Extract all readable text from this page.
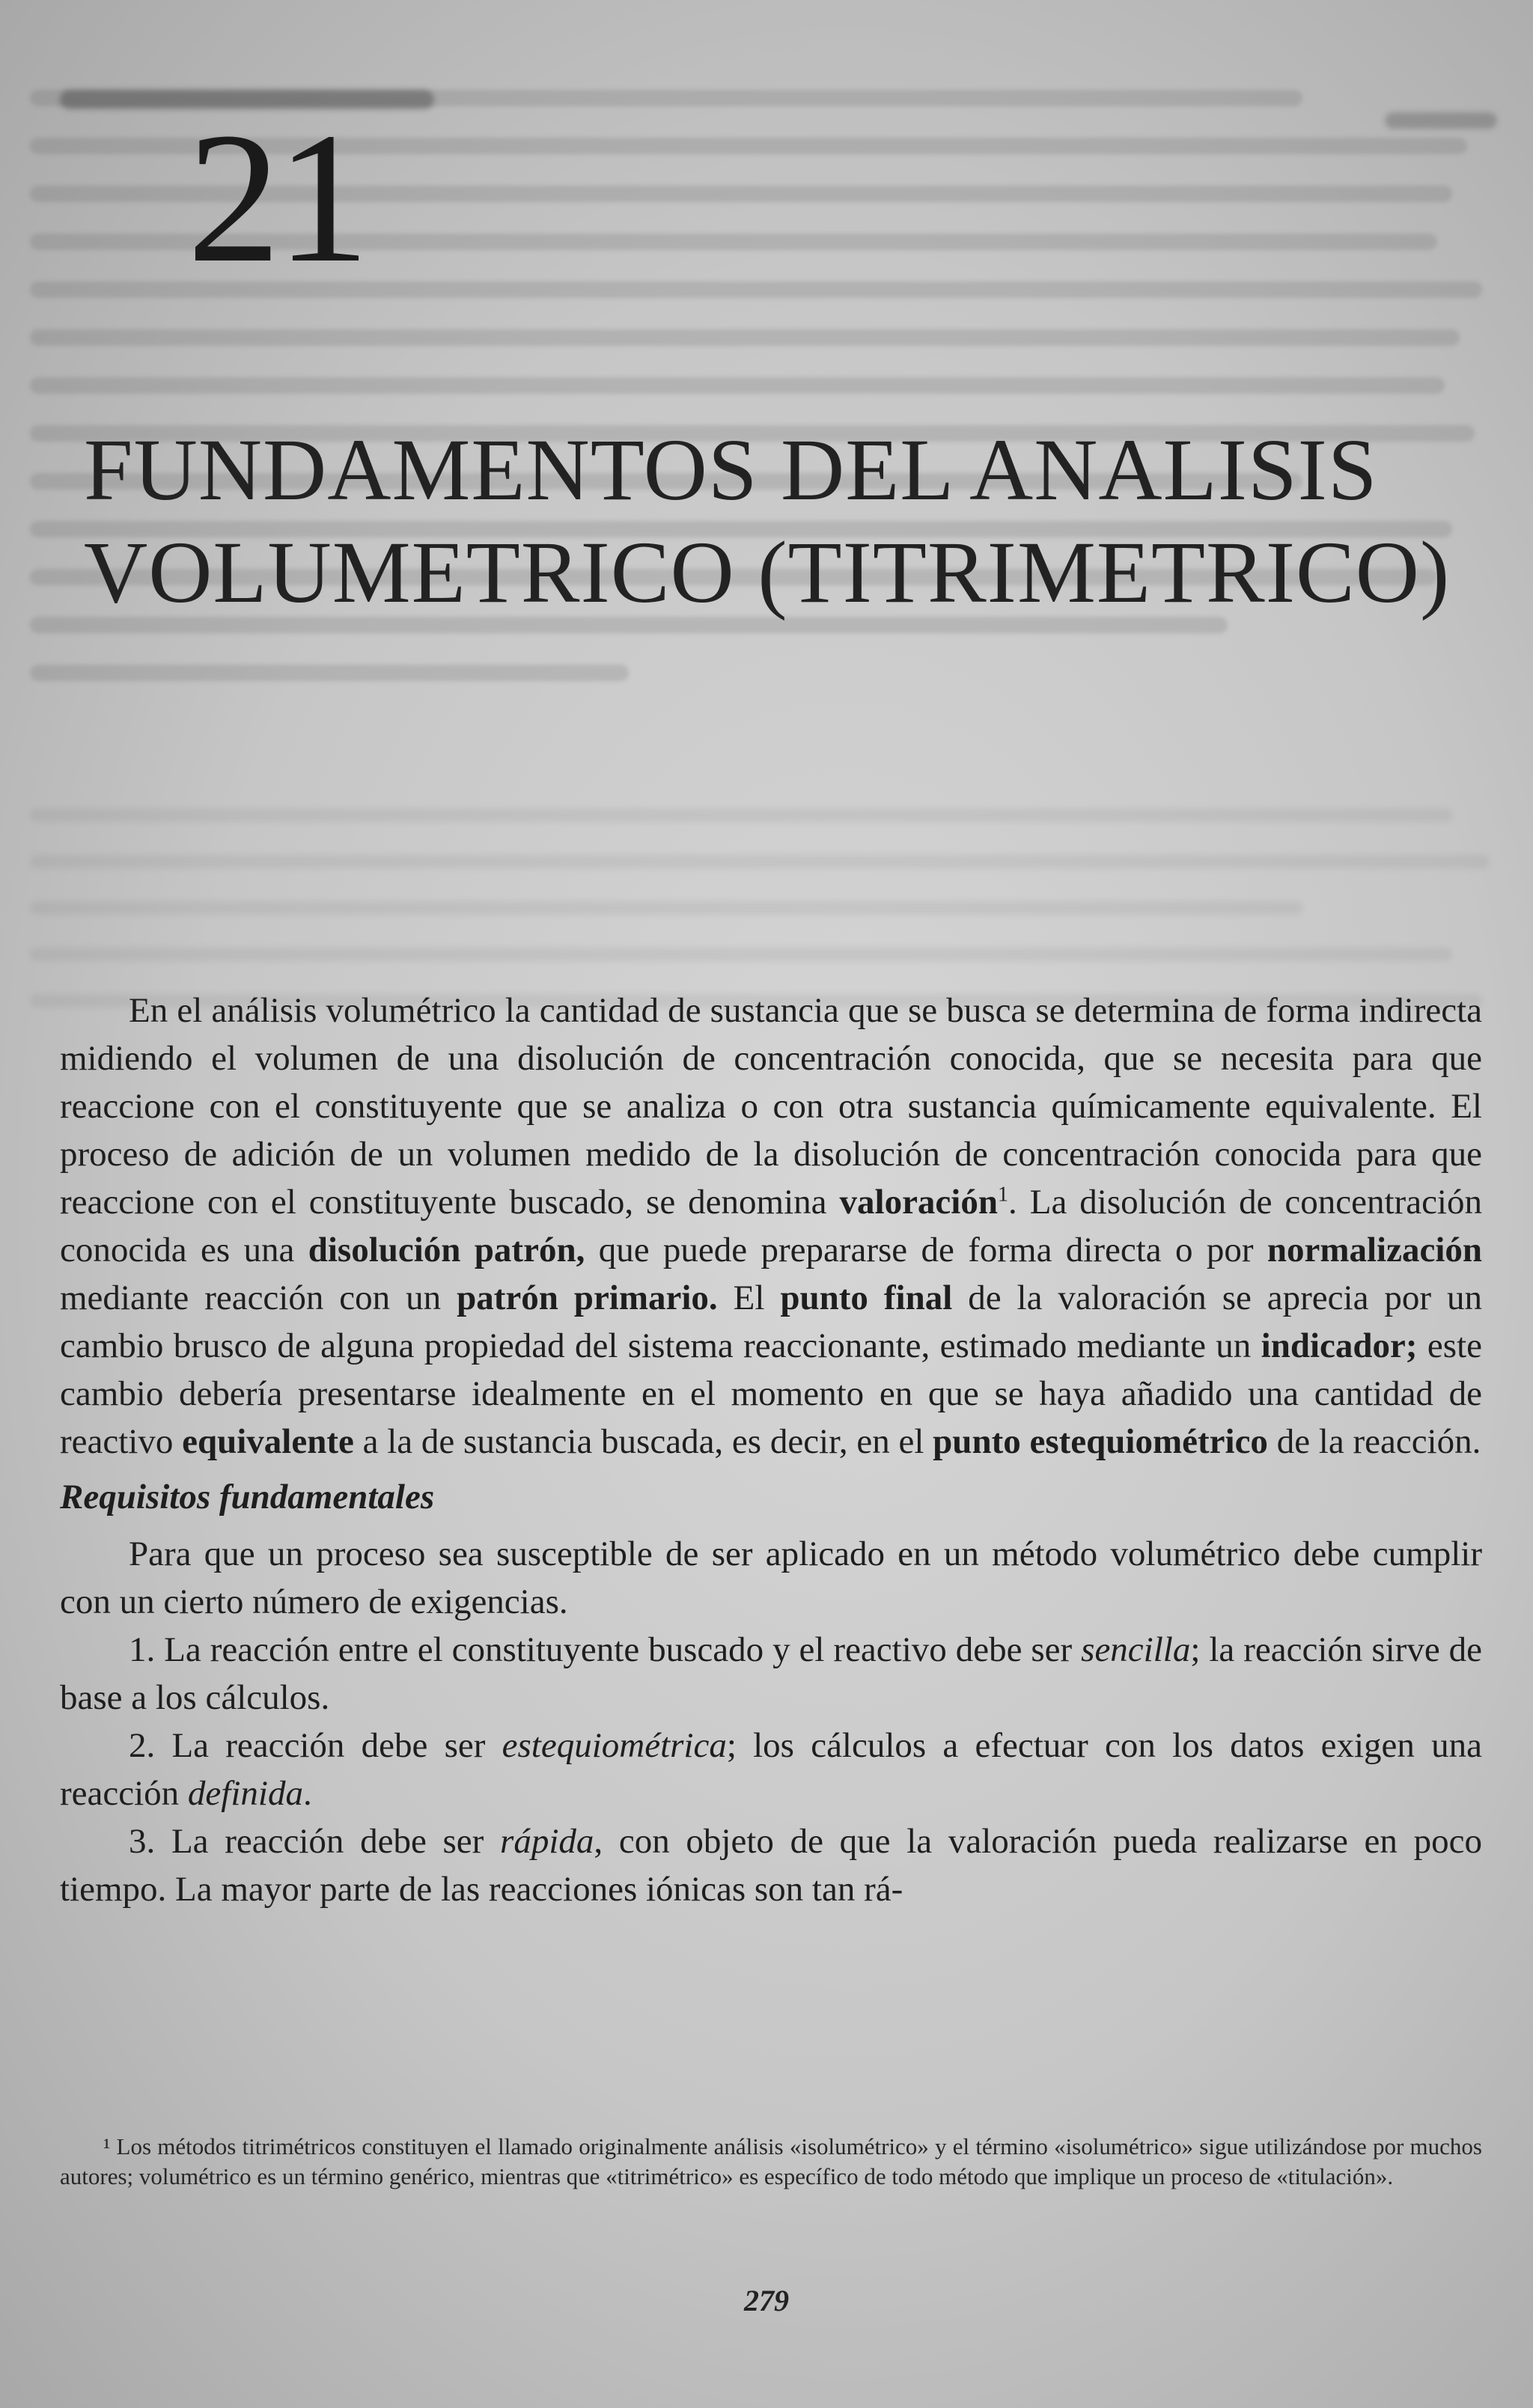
21
FUNDAMENTOS DEL ANALISIS
VOLUMETRICO (TITRIMETRICO)

En el análisis volumétrico la cantidad de sustancia que se busca se determina de forma indirecta midiendo el volumen de una disolución de concentración conocida, que se necesita para que reaccione con el constituyente que se analiza o con otra sustancia químicamente equivalente. El proceso de adición de un volumen medido de la disolución de concentración conocida para que reaccione con el constituyente buscado, se denomina valoración$^1$. La disolución de concentración conocida es una disolución patrón, que puede prepararse de forma directa o por normalización mediante reacción con un patrón primario. El punto final de la valoración se aprecia por un cambio brusco de alguna propiedad del sistema reaccionante, estimado mediante un indicador; este cambio debería presentarse idealmente en el momento en que se haya añadido una cantidad de reactivo equivalente a la de sustancia buscada, es decir, en el punto estequiométrico de la reacción.

Requisitos fundamentales

Para que un proceso sea susceptible de ser aplicado en un método volumétrico debe cumplir con un cierto número de exigencias.

1. La reacción entre el constituyente buscado y el reactivo debe ser sencilla; la reacción sirve de base a los cálculos.

2. La reacción debe ser estequiométrica; los cálculos a efectuar con los datos exigen una reacción definida.

3. La reacción debe ser rápida, con objeto de que la valoración pueda realizarse en poco tiempo. La mayor parte de las reacciones iónicas son tan rá-

¹ Los métodos titrimétricos constituyen el llamado originalmente análisis «isolumétrico» y el término «isolumétrico» sigue utilizándose por muchos autores; volumétrico es un término genérico, mientras que «titrimétrico» es específico de todo método que implique un proceso de «titulación».
279
